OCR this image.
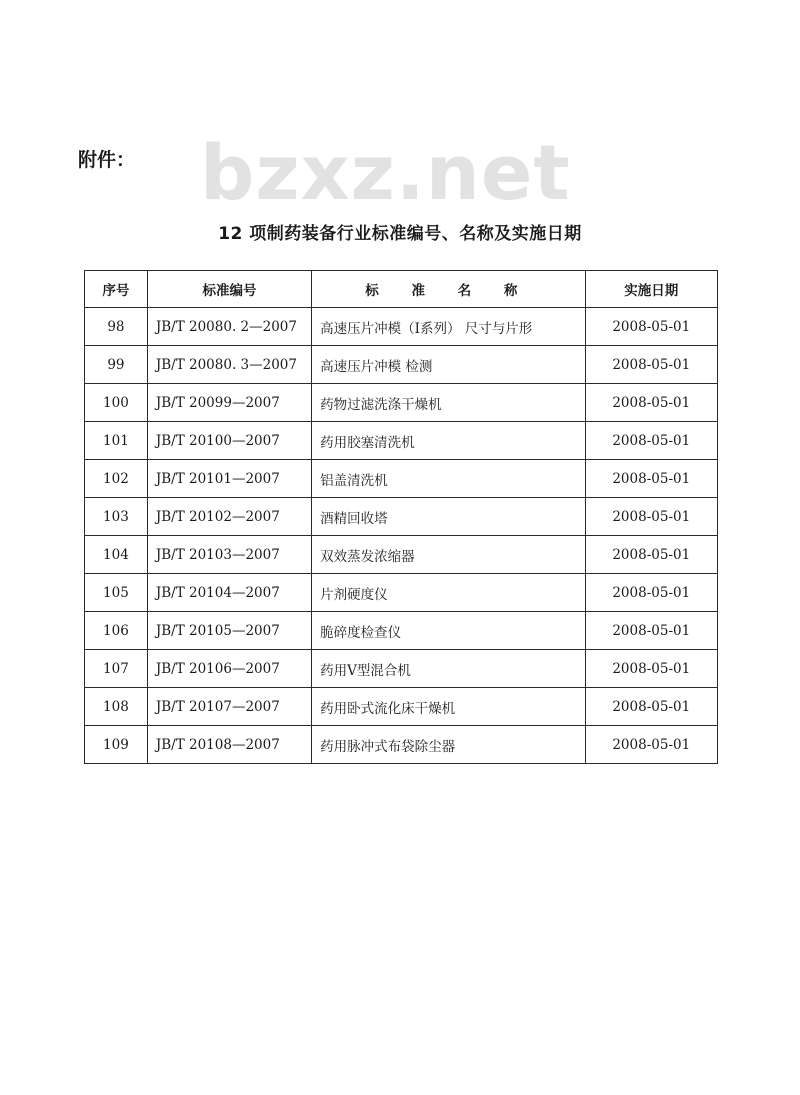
附件： bzxz.net
12 项制药装备行业标准编号、名称及实施日期
序号	标准编号	标 准 名 称	实施日期
98	JB/T 20080. 2—2007	高速压片冲模（Ⅰ系列） 尺寸与片形	2008-05-01
99	JB/T 20080. 3—2007	高速压片冲模 检测	2008-05-01
100	JB/T 20099—2007	药物过滤洗涤干燥机	2008-05-01
101	JB/T 20100—2007	药用胶塞清洗机	2008-05-01
102	JB/T 20101—2007	铝盖清洗机	2008-05-01
103	JB/T 20102—2007	酒精回收塔	2008-05-01
104	JB/T 20103—2007	双效蒸发浓缩器	2008-05-01
105	JB/T 20104—2007	片剂硬度仪	2008-05-01
106	JB/T 20105—2007	脆碎度检查仪	2008-05-01
107	JB/T 20106—2007	药用V型混合机	2008-05-01
108	JB/T 20107—2007	药用卧式流化床干燥机	2008-05-01
109	JB/T 20108—2007	药用脉冲式布袋除尘器	2008-05-01
